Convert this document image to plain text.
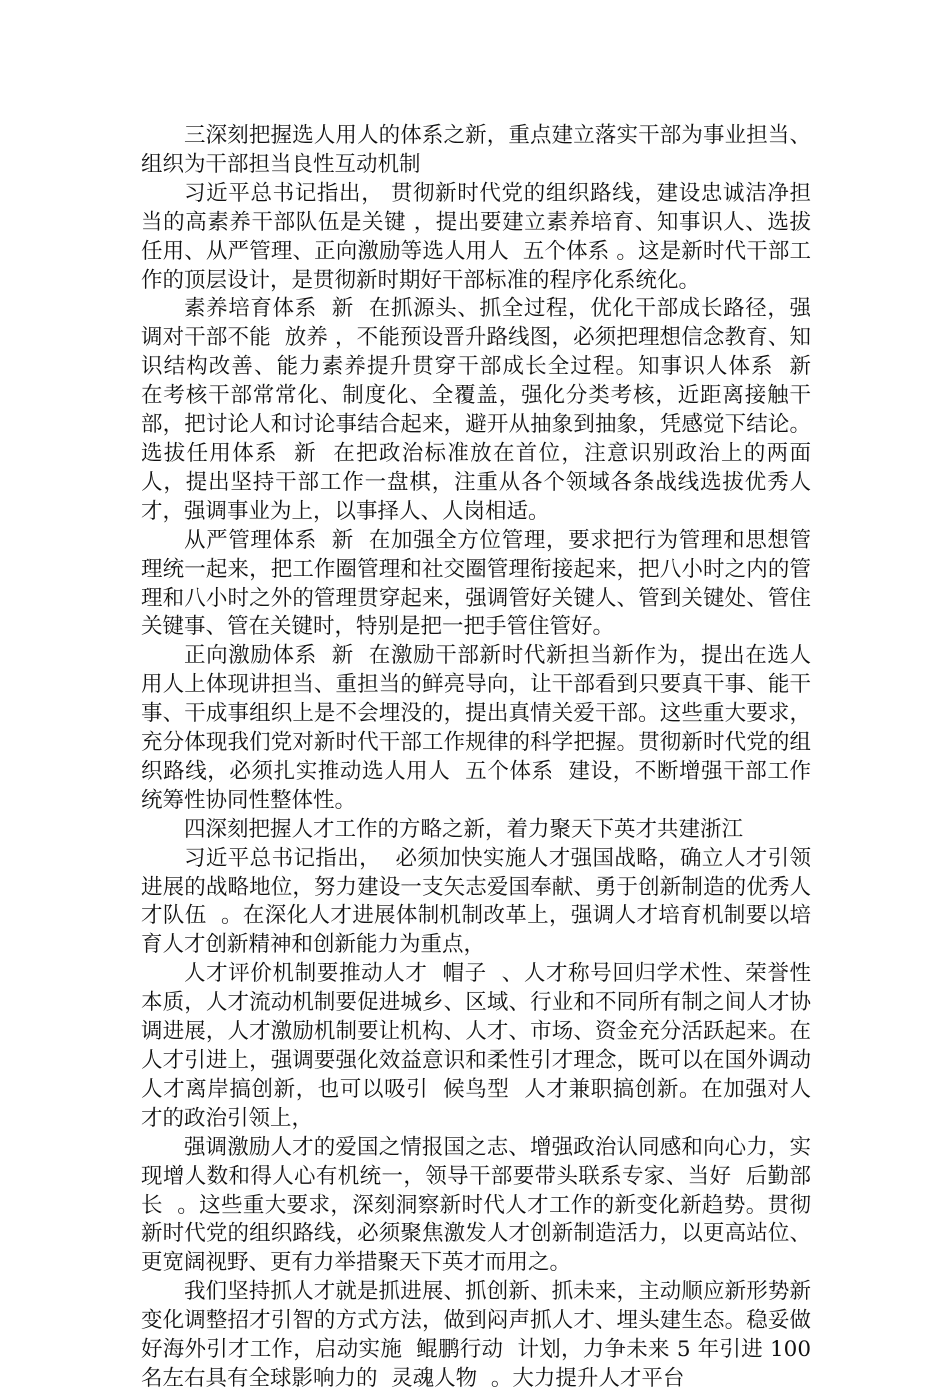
三深刻把握选人用人的体系之新，重点建立落实干部为事业担当、组织为干部担当良性互动机制

习近平总书记指出， 贯彻新时代党的组织路线，建设忠诚洁净担当的高素养干部队伍是关键 ，提出要建立素养培育、知事识人、选拔任用、从严管理、正向激励等选人用人  五个体系 。这是新时代干部工作的顶层设计，是贯彻新时期好干部标准的程序化系统化。

素养培育体系  新  在抓源头、抓全过程，优化干部成长路径，强调对干部不能  放养 ，不能预设晋升路线图，必须把理想信念教育、知识结构改善、能力素养提升贯穿干部成长全过程。知事识人体系  新  在考核干部常常化、制度化、全覆盖，强化分类考核，近距离接触干部，把讨论人和讨论事结合起来，避开从抽象到抽象，凭感觉下结论。选拔任用体系  新  在把政治标准放在首位，注意识别政治上的两面人，提出坚持干部工作一盘棋，注重从各个领域各条战线选拔优秀人才，强调事业为上，以事择人、人岗相适。

从严管理体系  新  在加强全方位管理，要求把行为管理和思想管理统一起来，把工作圈管理和社交圈管理衔接起来，把八小时之内的管理和八小时之外的管理贯穿起来，强调管好关键人、管到关键处、管住关键事、管在关键时，特别是把一把手管住管好。

正向激励体系  新  在激励干部新时代新担当新作为，提出在选人用人上体现讲担当、重担当的鲜亮导向，让干部看到只要真干事、能干事、干成事组织上是不会埋没的，提出真情关爱干部。这些重大要求，充分体现我们党对新时代干部工作规律的科学把握。贯彻新时代党的组织路线，必须扎实推动选人用人  五个体系  建设，不断增强干部工作统筹性协同性整体性。

四深刻把握人才工作的方略之新，着力聚天下英才共建浙江

习近平总书记指出，  必须加快实施人才强国战略，确立人才引领进展的战略地位，努力建设一支矢志爱国奉献、勇于创新制造的优秀人才队伍  。在深化人才进展体制机制改革上，强调人才培育机制要以培育人才创新精神和创新能力为重点，

人才评价机制要推动人才  帽子  、人才称号回归学术性、荣誉性本质，人才流动机制要促进城乡、区域、行业和不同所有制之间人才协调进展，人才激励机制要让机构、人才、市场、资金充分活跃起来。在人才引进上，强调要强化效益意识和柔性引才理念，既可以在国外调动人才离岸搞创新，也可以吸引  候鸟型  人才兼职搞创新。在加强对人才的政治引领上，

强调激励人才的爱国之情报国之志、增强政治认同感和向心力，实现增人数和得人心有机统一，领导干部要带头联系专家、当好  后勤部长  。这些重大要求，深刻洞察新时代人才工作的新变化新趋势。贯彻新时代党的组织路线，必须聚焦激发人才创新制造活力，以更高站位、更宽阔视野、更有力举措聚天下英才而用之。

我们坚持抓人才就是抓进展、抓创新、抓未来，主动顺应新形势新变化调整招才引智的方式方法，做到闷声抓人才、埋头建生态。稳妥做好海外引才工作，启动实施  鲲鹏行动  计划，力争未来 5 年引进 100 名左右具有全球影响力的  灵魂人物  。大力提升人才平台
